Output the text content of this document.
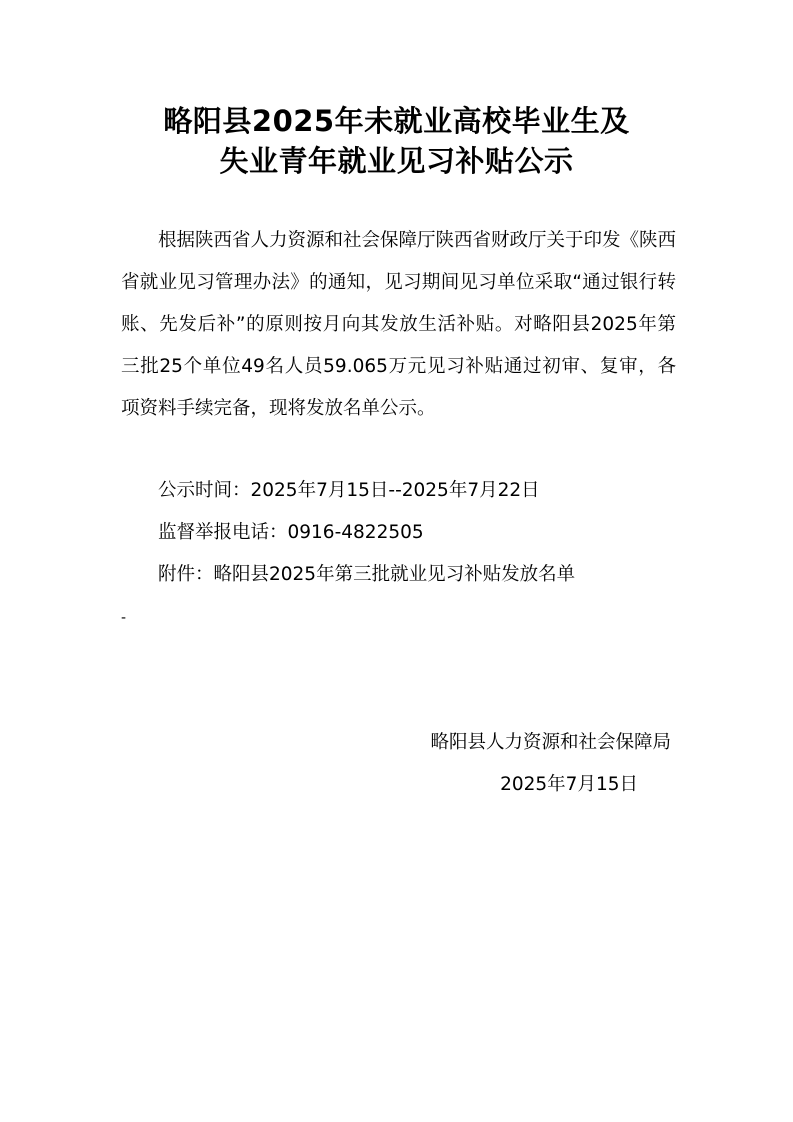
略阳县2025年未就业高校毕业生及
失业青年就业见习补贴公示
根据陕西省人力资源和社会保障厅陕西省财政厅关于印发《陕西省就业见习管理办法》的通知，见习期间见习单位采取“通过银行转账、先发后补”的原则按月向其发放生活补贴。对略阳县2025年第三批25个单位49名人员59.065万元见习补贴通过初审、复审，各项资料手续完备，现将发放名单公示。
公示时间：2025年7月15日--2025年7月22日
监督举报电话：0916-4822505
附件：略阳县2025年第三批就业见习补贴发放名单
-
略阳县人力资源和社会保障局
2025年7月15日
